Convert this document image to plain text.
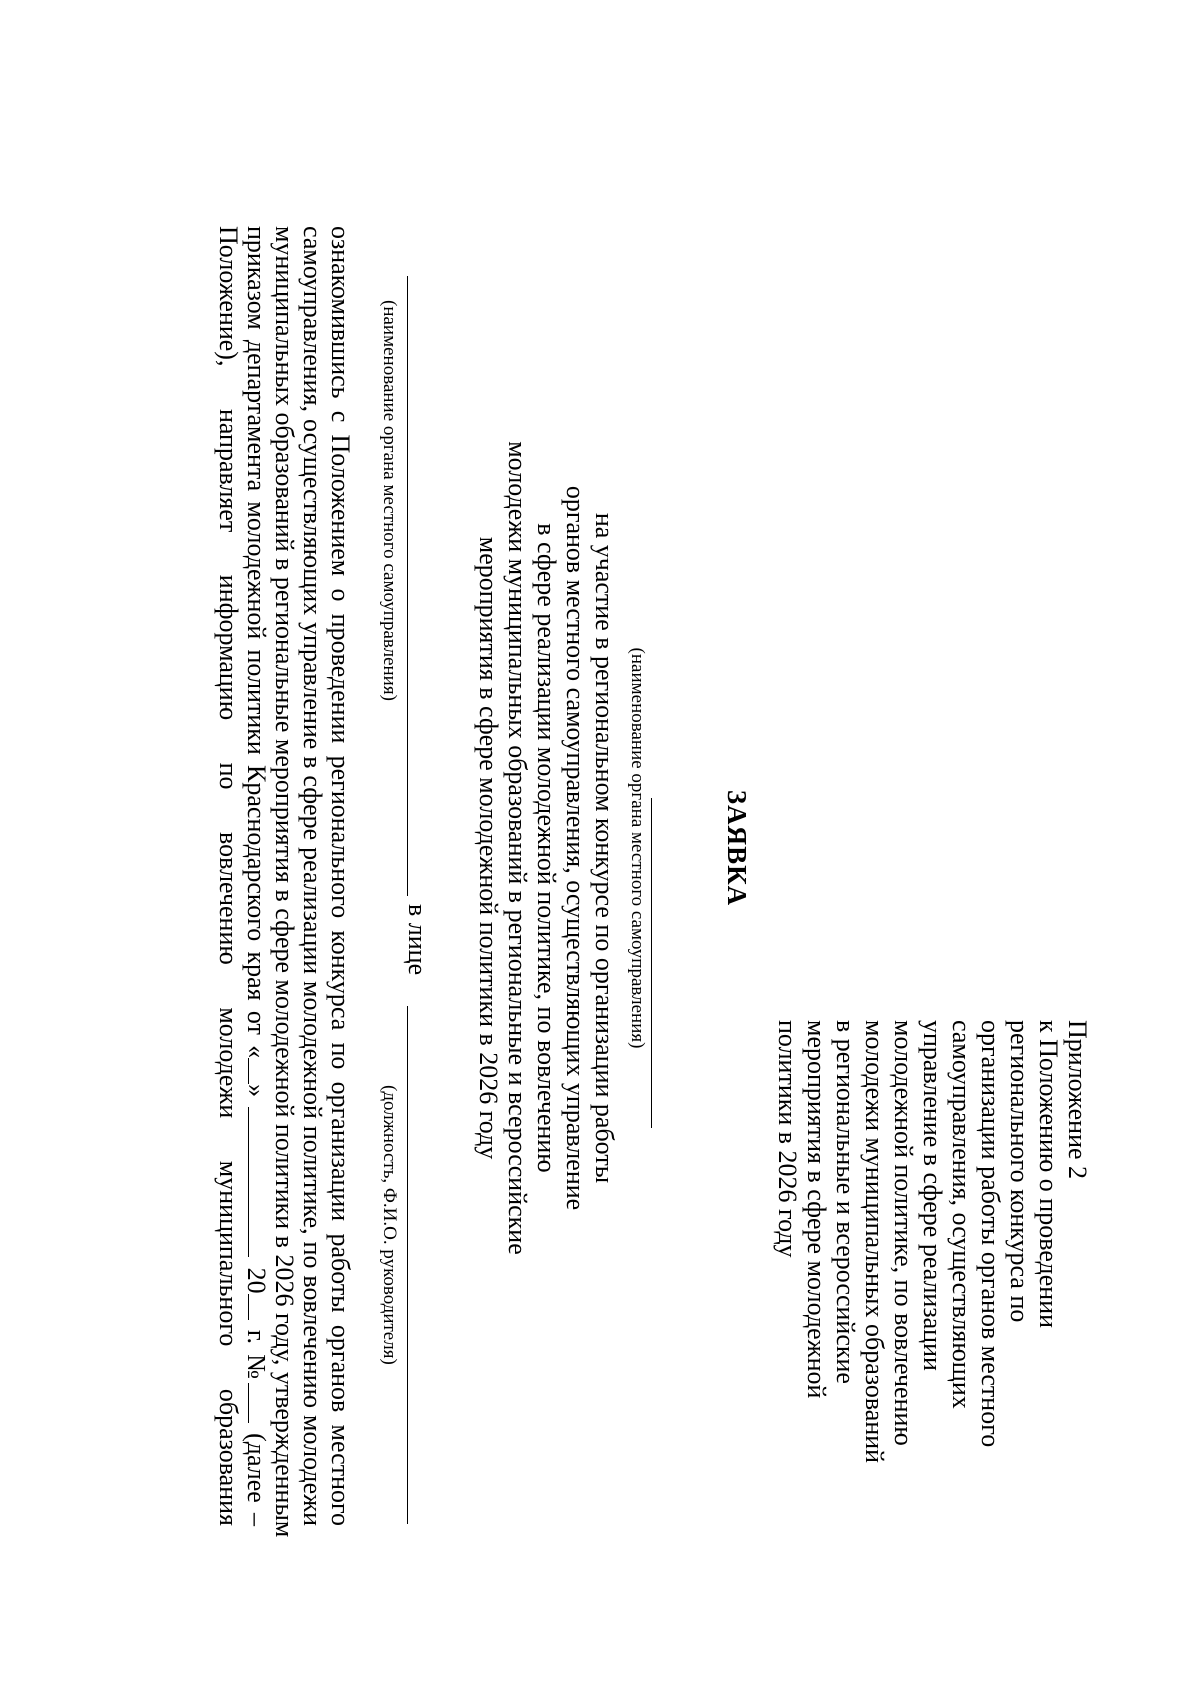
Приложение 2
к Положению о проведении
регионального конкурса по
организации работы органов местного
самоуправления, осуществляющих
управление в сфере реализации
молодежной политике, по вовлечению
молодежи муниципальных образований
в региональные и всероссийские
мероприятия в сфере молодежной
политики в 2026 году
ЗАЯВКА
(наименование органа местного самоуправления)
на участие в региональном конкурсе по организации работы
органов местного самоуправления, осуществляющих управление
в сфере реализации молодежной политике, по вовлечению
молодежи муниципальных образований в региональные и всероссийские
мероприятия в сфере молодежной политики в 2026 году
в лице
(наименование органа местного самоуправления)
(должность, Ф.И.О. руководителя)
ознакомившись с Положением о проведении регионального конкурса по организации работы органов местного
самоуправления, осуществляющих управление в сфере реализации молодежной политике, по вовлечению молодежи
муниципальных образований в региональные мероприятия в сфере молодежной политики в 2026 году, утвержденным
приказом департамента молодежной политики Краснодарского края от «»  20 г. № (далее –
Положение), направляет информацию по вовлечению молодежи муниципального образования
